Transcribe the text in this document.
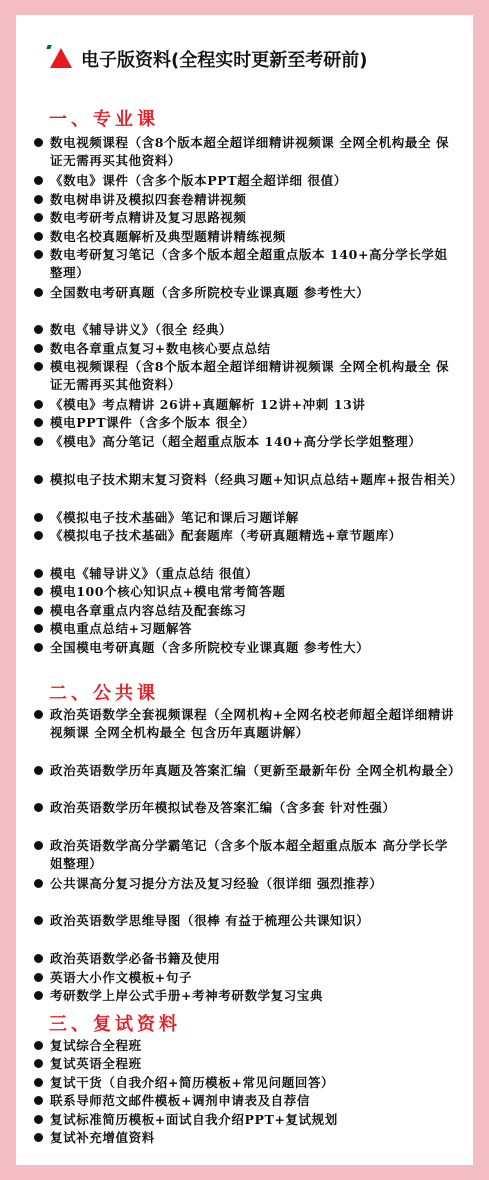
电子版资料(全程实时更新至考研前)
一、专业课
数电视频课程（含8个版本超全超详细精讲视频课 全网全机构最全 保证无需再买其他资料）
《数电》课件（含多个版本PPT超全超详细 很值）
数电树串讲及模拟四套卷精讲视频
数电考研考点精讲及复习思路视频
数电名校真题解析及典型题精讲精练视频
数电考研复习笔记（含多个版本超全超重点版本 140+高分学长学姐整理）
全国数电考研真题（含多所院校专业课真题 参考性大）
数电《辅导讲义》（很全 经典）
数电各章重点复习+数电核心要点总结
模电视频课程（含8个版本超全超详细精讲视频课 全网全机构最全 保证无需再买其他资料）
《模电》考点精讲 26讲+真题解析 12讲+冲刺 13讲
模电PPT课件（含多个版本 很全）
《模电》高分笔记（超全超重点版本 140+高分学长学姐整理）
模拟电子技术期末复习资料（经典习题+知识点总结+题库+报告相关）
《模拟电子技术基础》笔记和课后习题详解
《模拟电子技术基础》配套题库（考研真题精选+章节题库）
模电《辅导讲义》（重点总结 很值）
模电100个核心知识点+模电常考简答题
模电各章重点内容总结及配套练习
模电重点总结+习题解答
全国模电考研真题（含多所院校专业课真题 参考性大）
二、公共课
政治英语数学全套视频课程（全网机构+全网名校老师超全超详细精讲视频课 全网全机构最全 包含历年真题讲解）
政治英语数学历年真题及答案汇编（更新至最新年份 全网全机构最全）
政治英语数学历年模拟试卷及答案汇编（含多套 针对性强）
政治英语数学高分学霸笔记（含多个版本超全超重点版本 高分学长学姐整理）
公共课高分复习提分方法及复习经验（很详细 强烈推荐）
政治英语数学思维导图（很棒 有益于梳理公共课知识）
政治英语数学必备书籍及使用
英语大小作文模板+句子
考研数学上岸公式手册+考神考研数学复习宝典
三、复试资料
复试综合全程班
复试英语全程班
复试干货（自我介绍+简历模板+常见问题回答）
联系导师范文邮件模板+调剂申请表及自荐信
复试标准简历模板+面试自我介绍PPT+复试规划
复试补充增值资料
